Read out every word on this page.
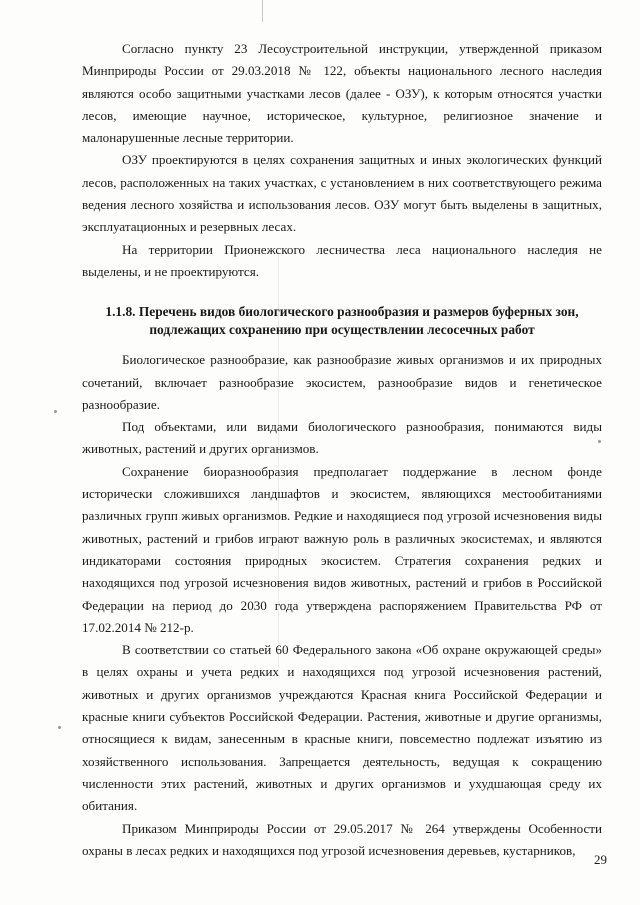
Согласно пункту 23 Лесоустроительной инструкции, утвержденной приказом Минприроды России от 29.03.2018 № 122, объекты национального лесного наследия являются особо защитными участками лесов (далее - ОЗУ), к которым относятся участки лесов, имеющие научное, историческое, культурное, религиозное значение и малонарушенные лесные территории.

ОЗУ проектируются в целях сохранения защитных и иных экологических функций лесов, расположенных на таких участках, с установлением в них соответствующего режима ведения лесного хозяйства и использования лесов. ОЗУ могут быть выделены в защитных, эксплуатационных и резервных лесах.

На территории Прионежского лесничества леса национального наследия не выделены, и не проектируются.

1.1.8. Перечень видов биологического разнообразия и размеров буферных зон,
подлежащих сохранению при осуществлении лесосечных работ

Биологическое разнообразие, как разнообразие живых организмов и их природных сочетаний, включает разнообразие экосистем, разнообразие видов и генетическое разнообразие.

Под объектами, или видами биологического разнообразия, понимаются виды животных, растений и других организмов.

Сохранение биоразнообразия предполагает поддержание в лесном фонде исторически сложившихся ландшафтов и экосистем, являющихся местообитаниями различных групп живых организмов. Редкие и находящиеся под угрозой исчезновения виды животных, растений и грибов играют важную роль в различных экосистемах, и являются индикаторами состояния природных экосистем. Стратегия сохранения редких и находящихся под угрозой исчезновения видов животных, растений и грибов в Российской Федерации на период до 2030 года утверждена распоряжением Правительства РФ от 17.02.2014 № 212-р.

В соответствии со статьей 60 Федерального закона «Об охране окружающей среды» в целях охраны и учета редких и находящихся под угрозой исчезновения растений, животных и других организмов учреждаются Красная книга Российской Федерации и красные книги субъектов Российской Федерации. Растения, животные и другие организмы, относящиеся к видам, занесенным в красные книги, повсеместно подлежат изъятию из хозяйственного использования. Запрещается деятельность, ведущая к сокращению численности этих растений, животных и других организмов и ухудшающая среду их обитания.

Приказом Минприроды России от 29.05.2017 № 264 утверждены Особенности охраны в лесах редких и находящихся под угрозой исчезновения деревьев, кустарников,

29
